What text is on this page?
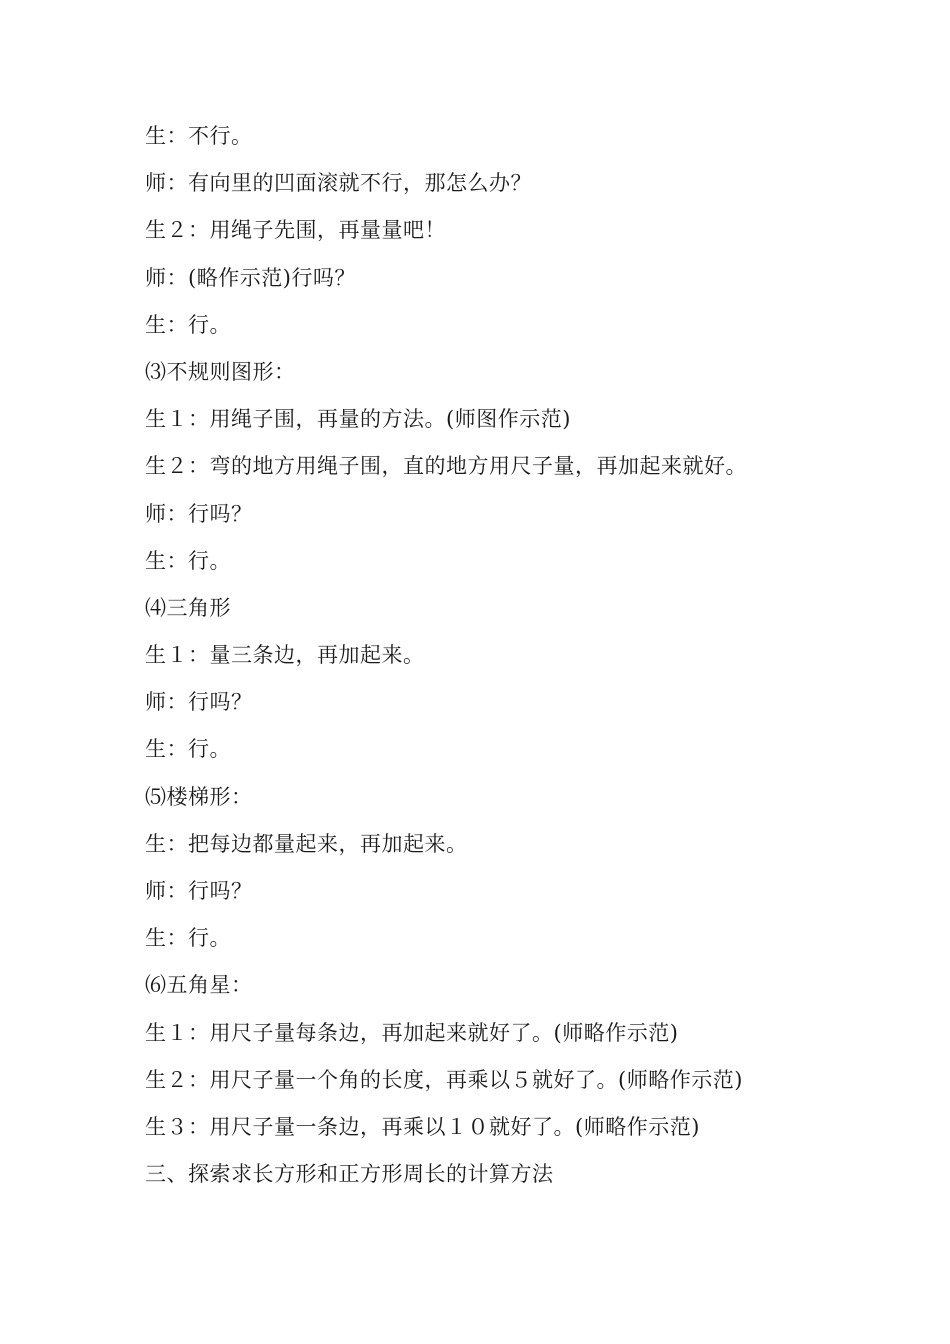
生：不行。
师：有向里的凹面滚就不行，那怎么办？
生２：用绳子先围，再量量吧！
师：(略作示范)行吗？
生：行。
⑶不规则图形：
生１：用绳子围，再量的方法。(师图作示范)
生２：弯的地方用绳子围，直的地方用尺子量，再加起来就好。
师：行吗？
生：行。
⑷三角形
生１：量三条边，再加起来。
师：行吗？
生：行。
⑸楼梯形：
生：把每边都量起来，再加起来。
师：行吗？
生：行。
⑹五角星：
生１：用尺子量每条边，再加起来就好了。(师略作示范)
生２：用尺子量一个角的长度，再乘以５就好了。(师略作示范)
生３：用尺子量一条边，再乘以１０就好了。(师略作示范)
三、探索求长方形和正方形周长的计算方法
